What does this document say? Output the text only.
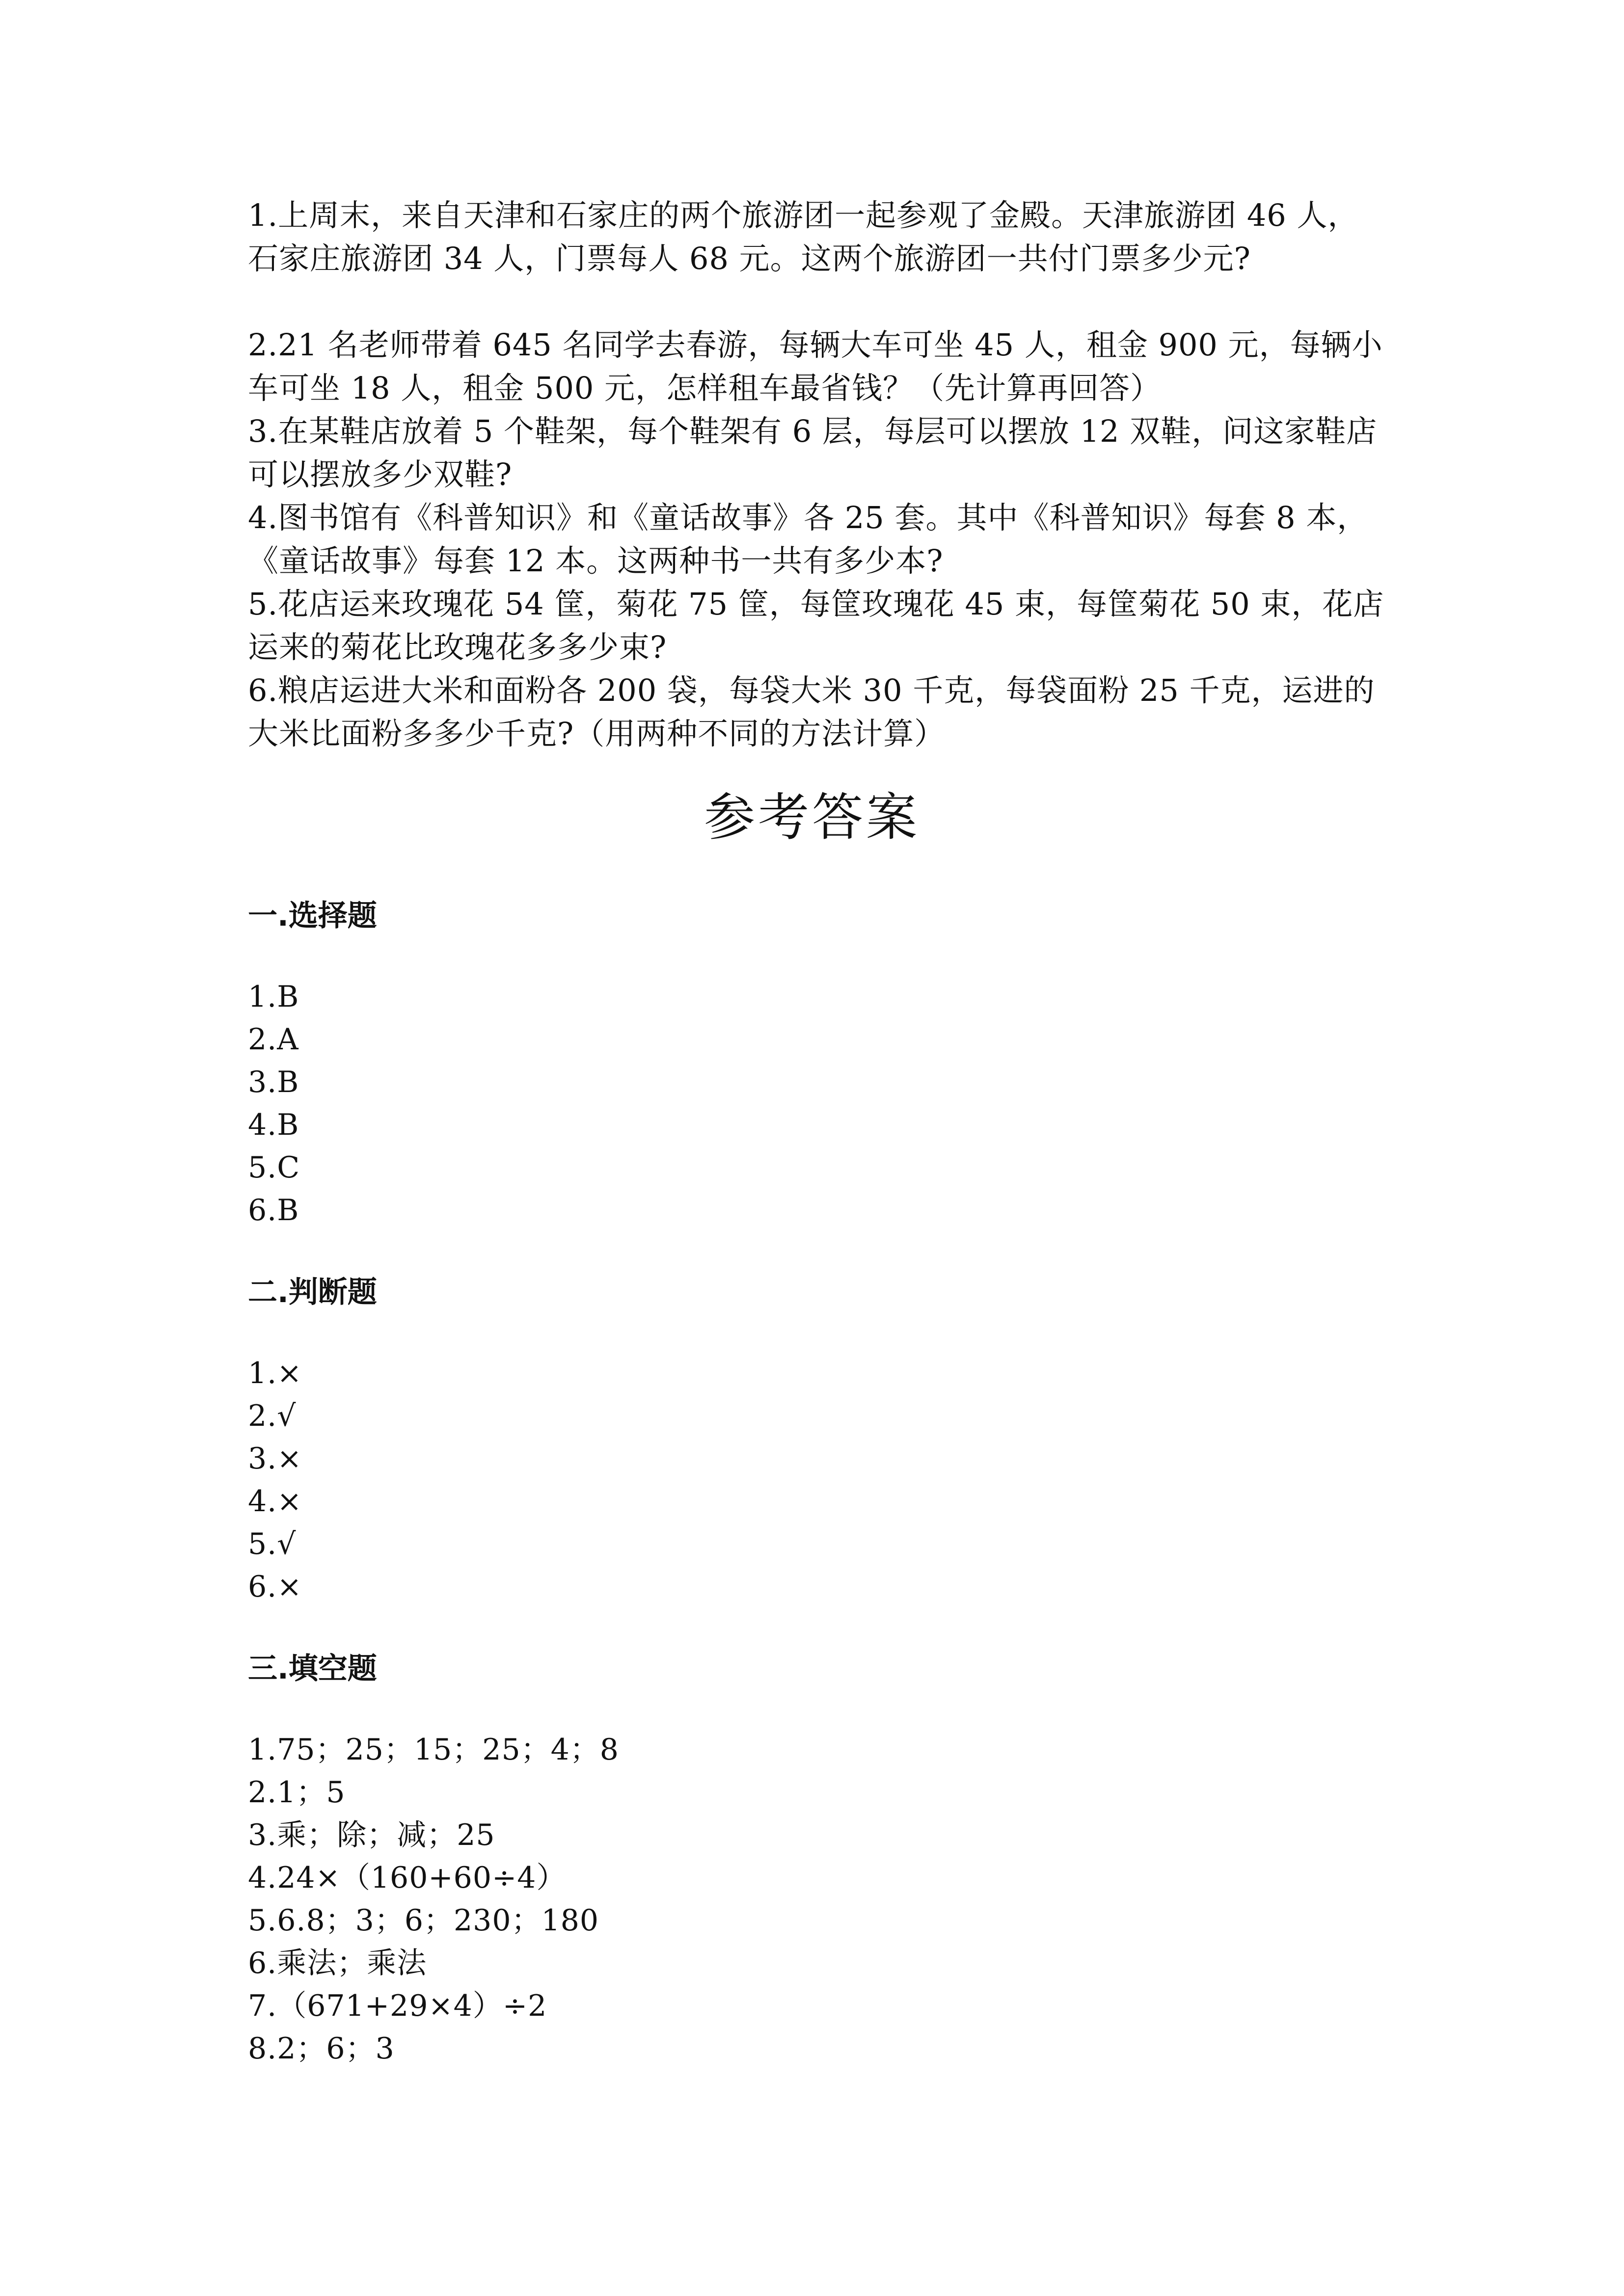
1.上周末，来自天津和石家庄的两个旅游团一起参观了金殿。天津旅游团 46 人，石家庄旅游团 34 人，门票每人 68 元。这两个旅游团一共付门票多少元?
2.21 名老师带着 645 名同学去春游，每辆大车可坐 45 人，租金 900 元，每辆小车可坐 18 人，租金 500 元，怎样租车最省钱？（先计算再回答）
3.在某鞋店放着 5 个鞋架，每个鞋架有 6 层，每层可以摆放 12 双鞋，问这家鞋店可以摆放多少双鞋?
4.图书馆有《科普知识》和《童话故事》各 25 套。其中《科普知识》每套 8 本，《童话故事》每套 12 本。这两种书一共有多少本?
5.花店运来玫瑰花 54 筐，菊花 75 筐，每筐玫瑰花 45 束，每筐菊花 50 束，花店运来的菊花比玫瑰花多多少束?
6.粮店运进大米和面粉各 200 袋，每袋大米 30 千克，每袋面粉 25 千克，运进的大米比面粉多多少千克?（用两种不同的方法计算）
参考答案
一.选择题
1.B
2.A
3.B
4.B
5.C
6.B
二.判断题
1.×
2.√
3.×
4.×
5.√
6.×
三.填空题
1.75；25；15；25；4；8
2.1；5
3.乘；除；减；25
4.24×（160+60÷4）
5.6.8；3；6；230；180
6.乘法；乘法
7.（671+29×4）÷2
8.2；6；3
